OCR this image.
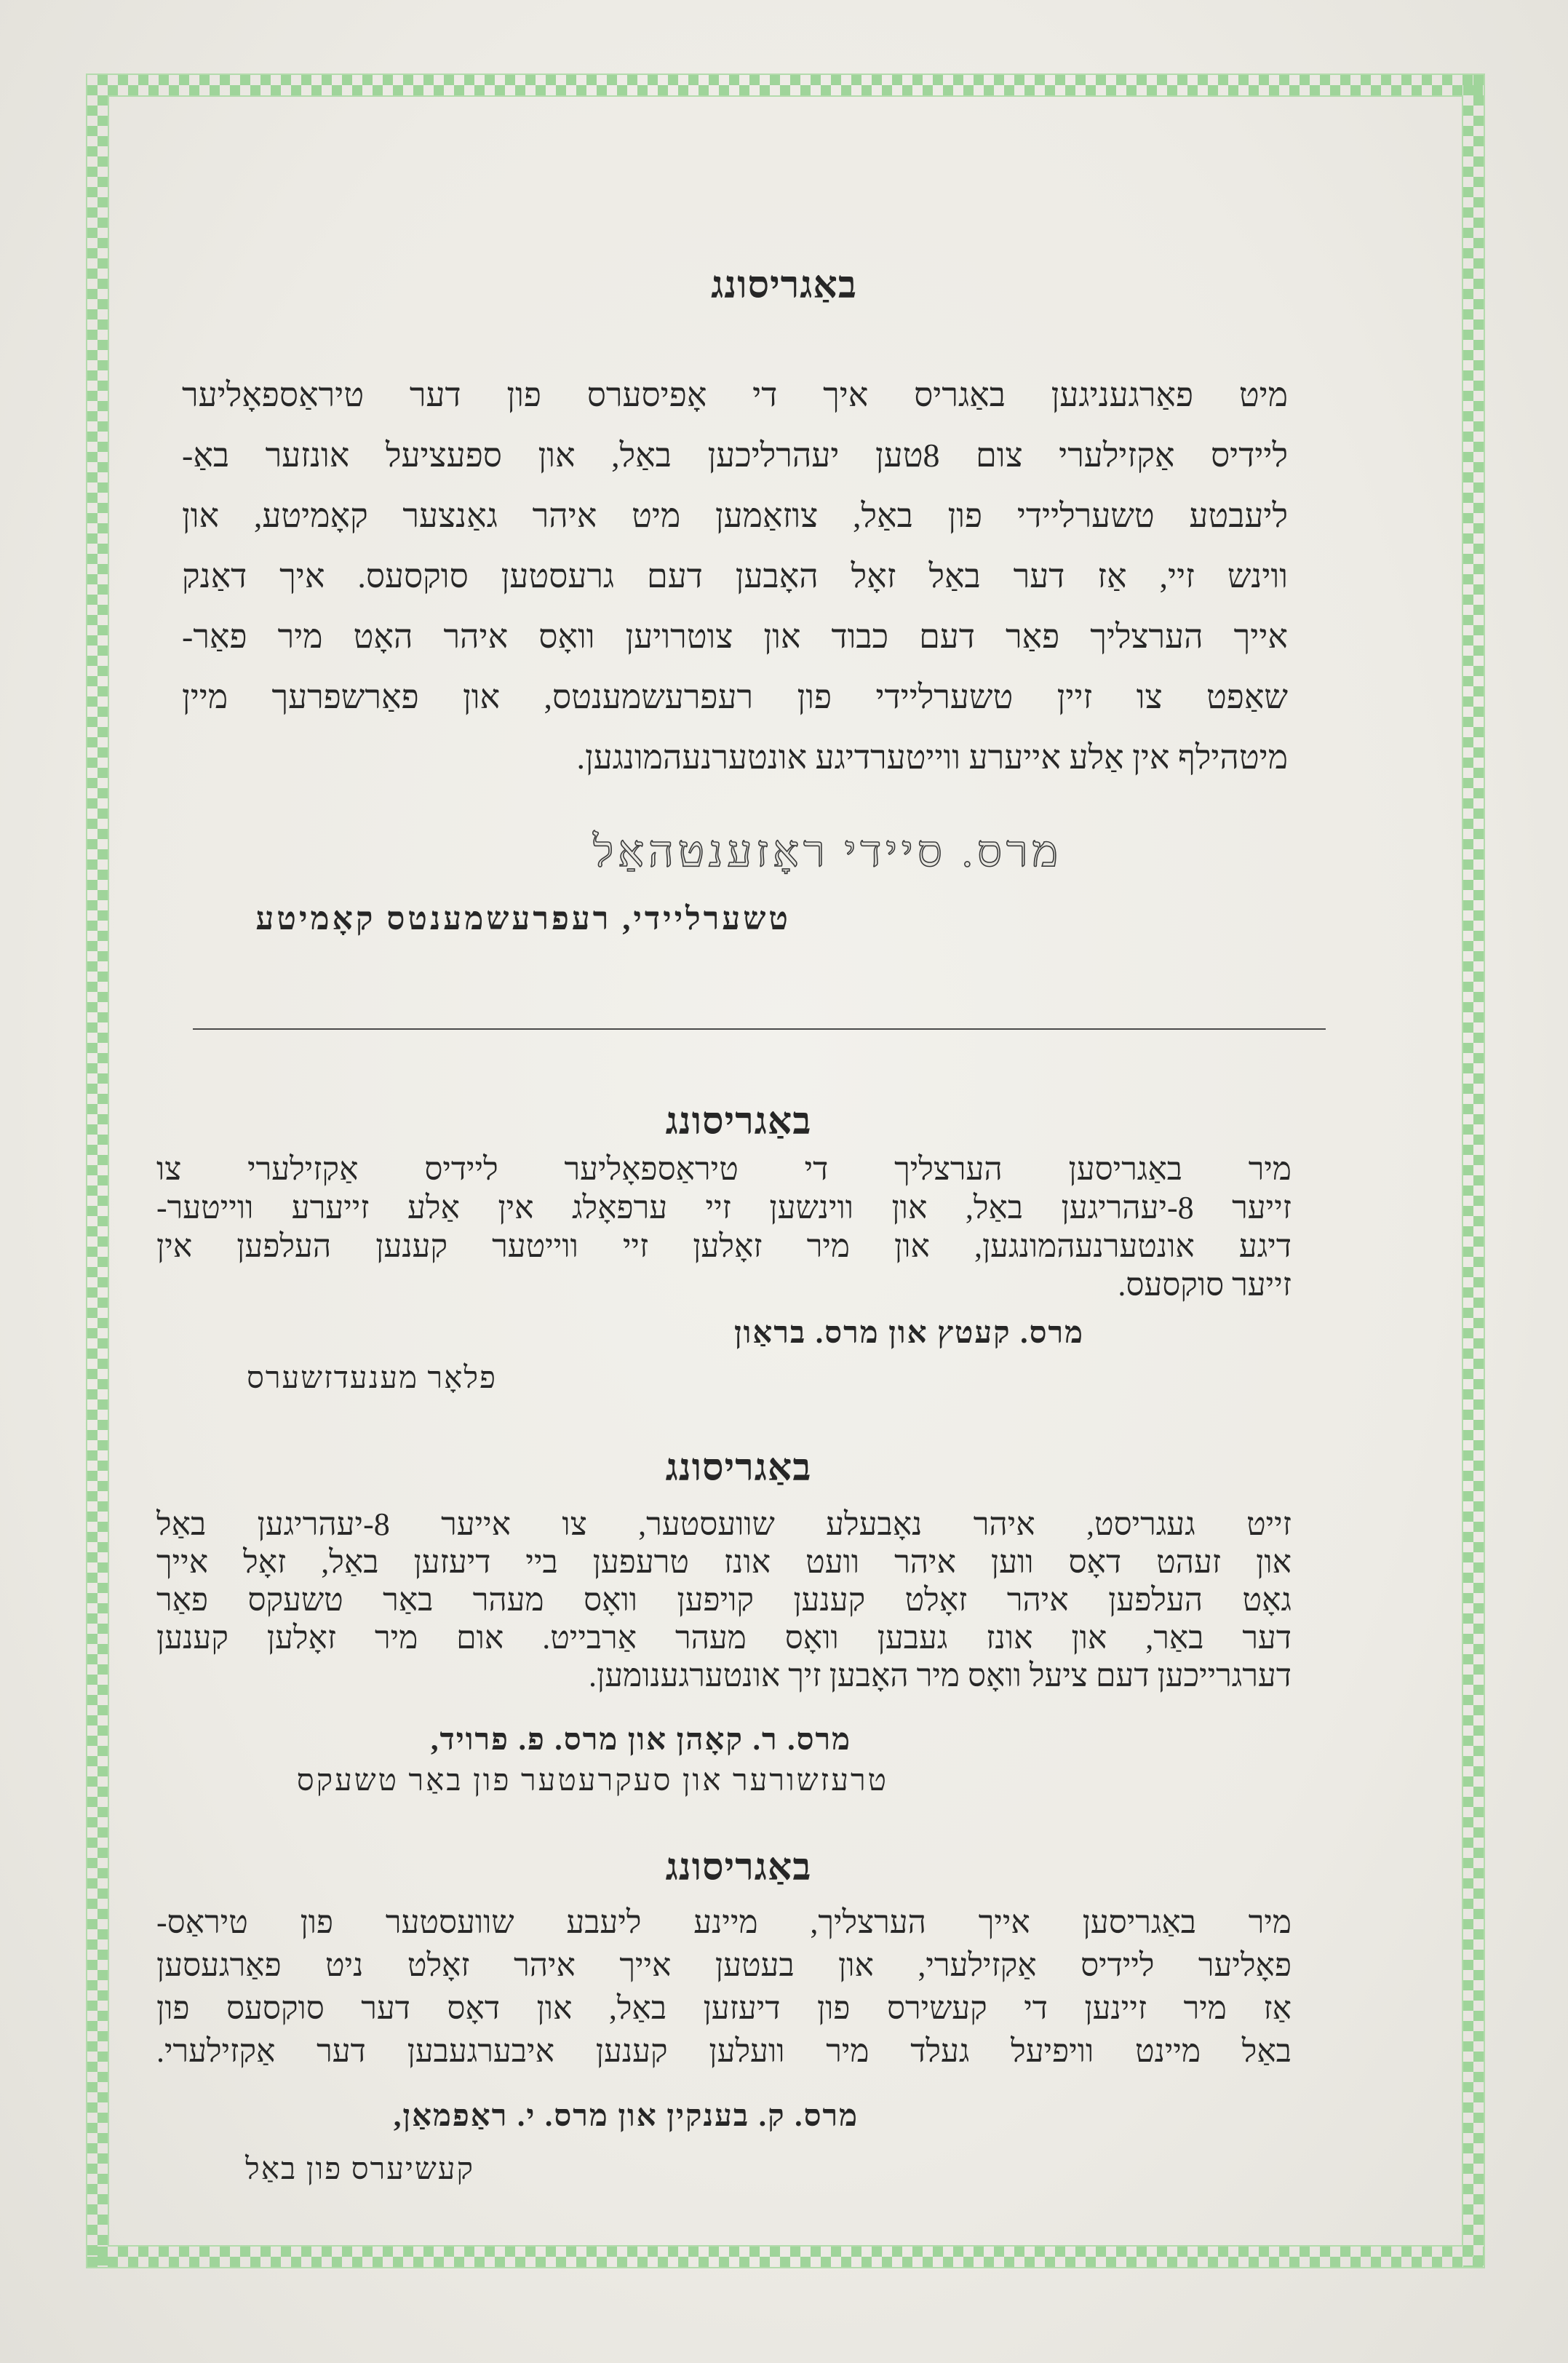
באַגריסונג
מיט פאַרגעניגען באַגריס איך די אָפיסערס פון דער טיראַספאָליער
ליידיס אַקזילערי צום 8טען יעהרליכען באַל, און ספעציעל אונזער באַ-
ליעבטע טשערליידי פון באַל, צוזאַמען מיט איהר גאַנצער קאָמיטע, און
ווינש זיי, אַז דער באַל זאָל האָבען דעם גרעסטען סוקסעס. איך דאַנק
אייך הערצליך פאַר דעם כבוד און צוטרויען וואָס איהר האָט מיר פאַר-
שאַפט צו זיין טשערליידי פון רעפרעשמענטס, און פאַרשפרעך מיין
מיטהילף אין אַלע אייערע ווייטערדיגע אונטערנעהמונגען.
מרס. סיידי ראָזענטהאַל
טשערליידי, רעפרעשמענטס קאָמיטע
באַגריסונג
מיר באַגריסען הערצליך די טיראַספאָליער ליידיס אַקזילערי צו
זייער 8-יעהריגען באַל, און ווינשען זיי ערפאָלג אין אַלע זייערע ווייטער-
דיגע אונטערנעהמונגען, און מיר זאָלען זיי ווייטער קענען העלפען אין
זייער סוקסעס.
מרס. קעטץ און מרס. בראַון
פלאָר מענעדזשערס
באַגריסונג
זייט געגריסט, איהר נאָבעלע שוועסטער, צו אייער 8-יעהריגען באַל
און זעהט דאָס ווען איהר וועט אונז טרעפען ביי דיעזען באַל, זאָל אייך
גאָט העלפען איהר זאָלט קענען קויפען וואָס מעהר באַר טשעקס פאַר
דער באַר, און אונז געבען וואָס מעהר אַרבייט. אום מיר זאָלען קענען
דערגרייכען דעם ציעל וואָס מיר האָבען זיך אונטערגענומען.
מרס. ר. קאָהן און מרס. פ. פרויד,
טרעזשורער און סעקרעטער פון באַר טשעקס
באַגריסונג
מיר באַגריסען אייך הערצליך, מיינע ליעבע שוועסטער פון טיראַס-
פאָליער ליידיס אַקזילערי, און בעטען אייך איהר זאָלט ניט פאַרגעסען
אַז מיר זיינען די קעשירס פון דיעזען באַל, און דאָס דער סוקסעס פון
באַל מיינט וויפיעל געלד מיר וועלען קענען איבערגעבען דער אַקזילערי.
מרס. ק. בענקין און מרס. י. ראַפמאַן,
קעשיערס פון באַל
